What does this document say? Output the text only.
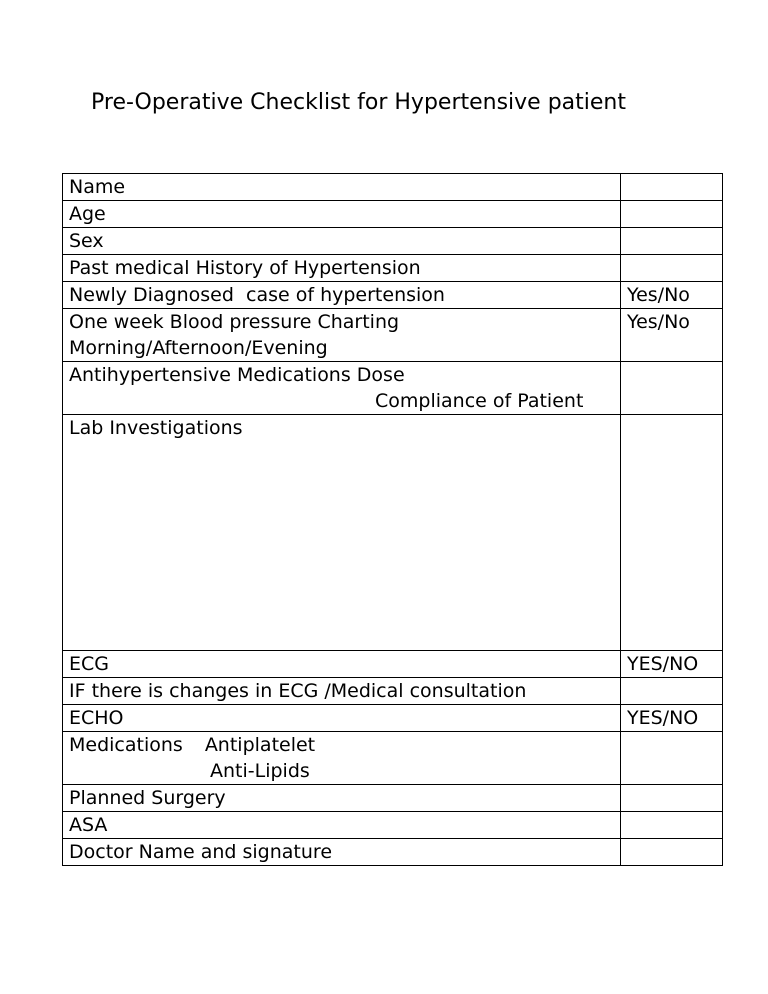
Pre-Operative Checklist for Hypertensive patient
Name	
Age	
Sex	
Past medical History of Hypertension	
Newly Diagnosed  case of hypertension	Yes/No

One week Blood pressure Charting
Morning/Afternoon/Evening	Yes/No

Antihypertensive Medications Dose
Compliance of Patient	

Lab Investigations	
ECG	YES/NO
IF there is changes in ECG /Medical consultation	
ECHO	YES/NO

Medications Antiplatelet
Anti-Lipids	

Planned Surgery	
ASA	
Doctor Name and signature	
